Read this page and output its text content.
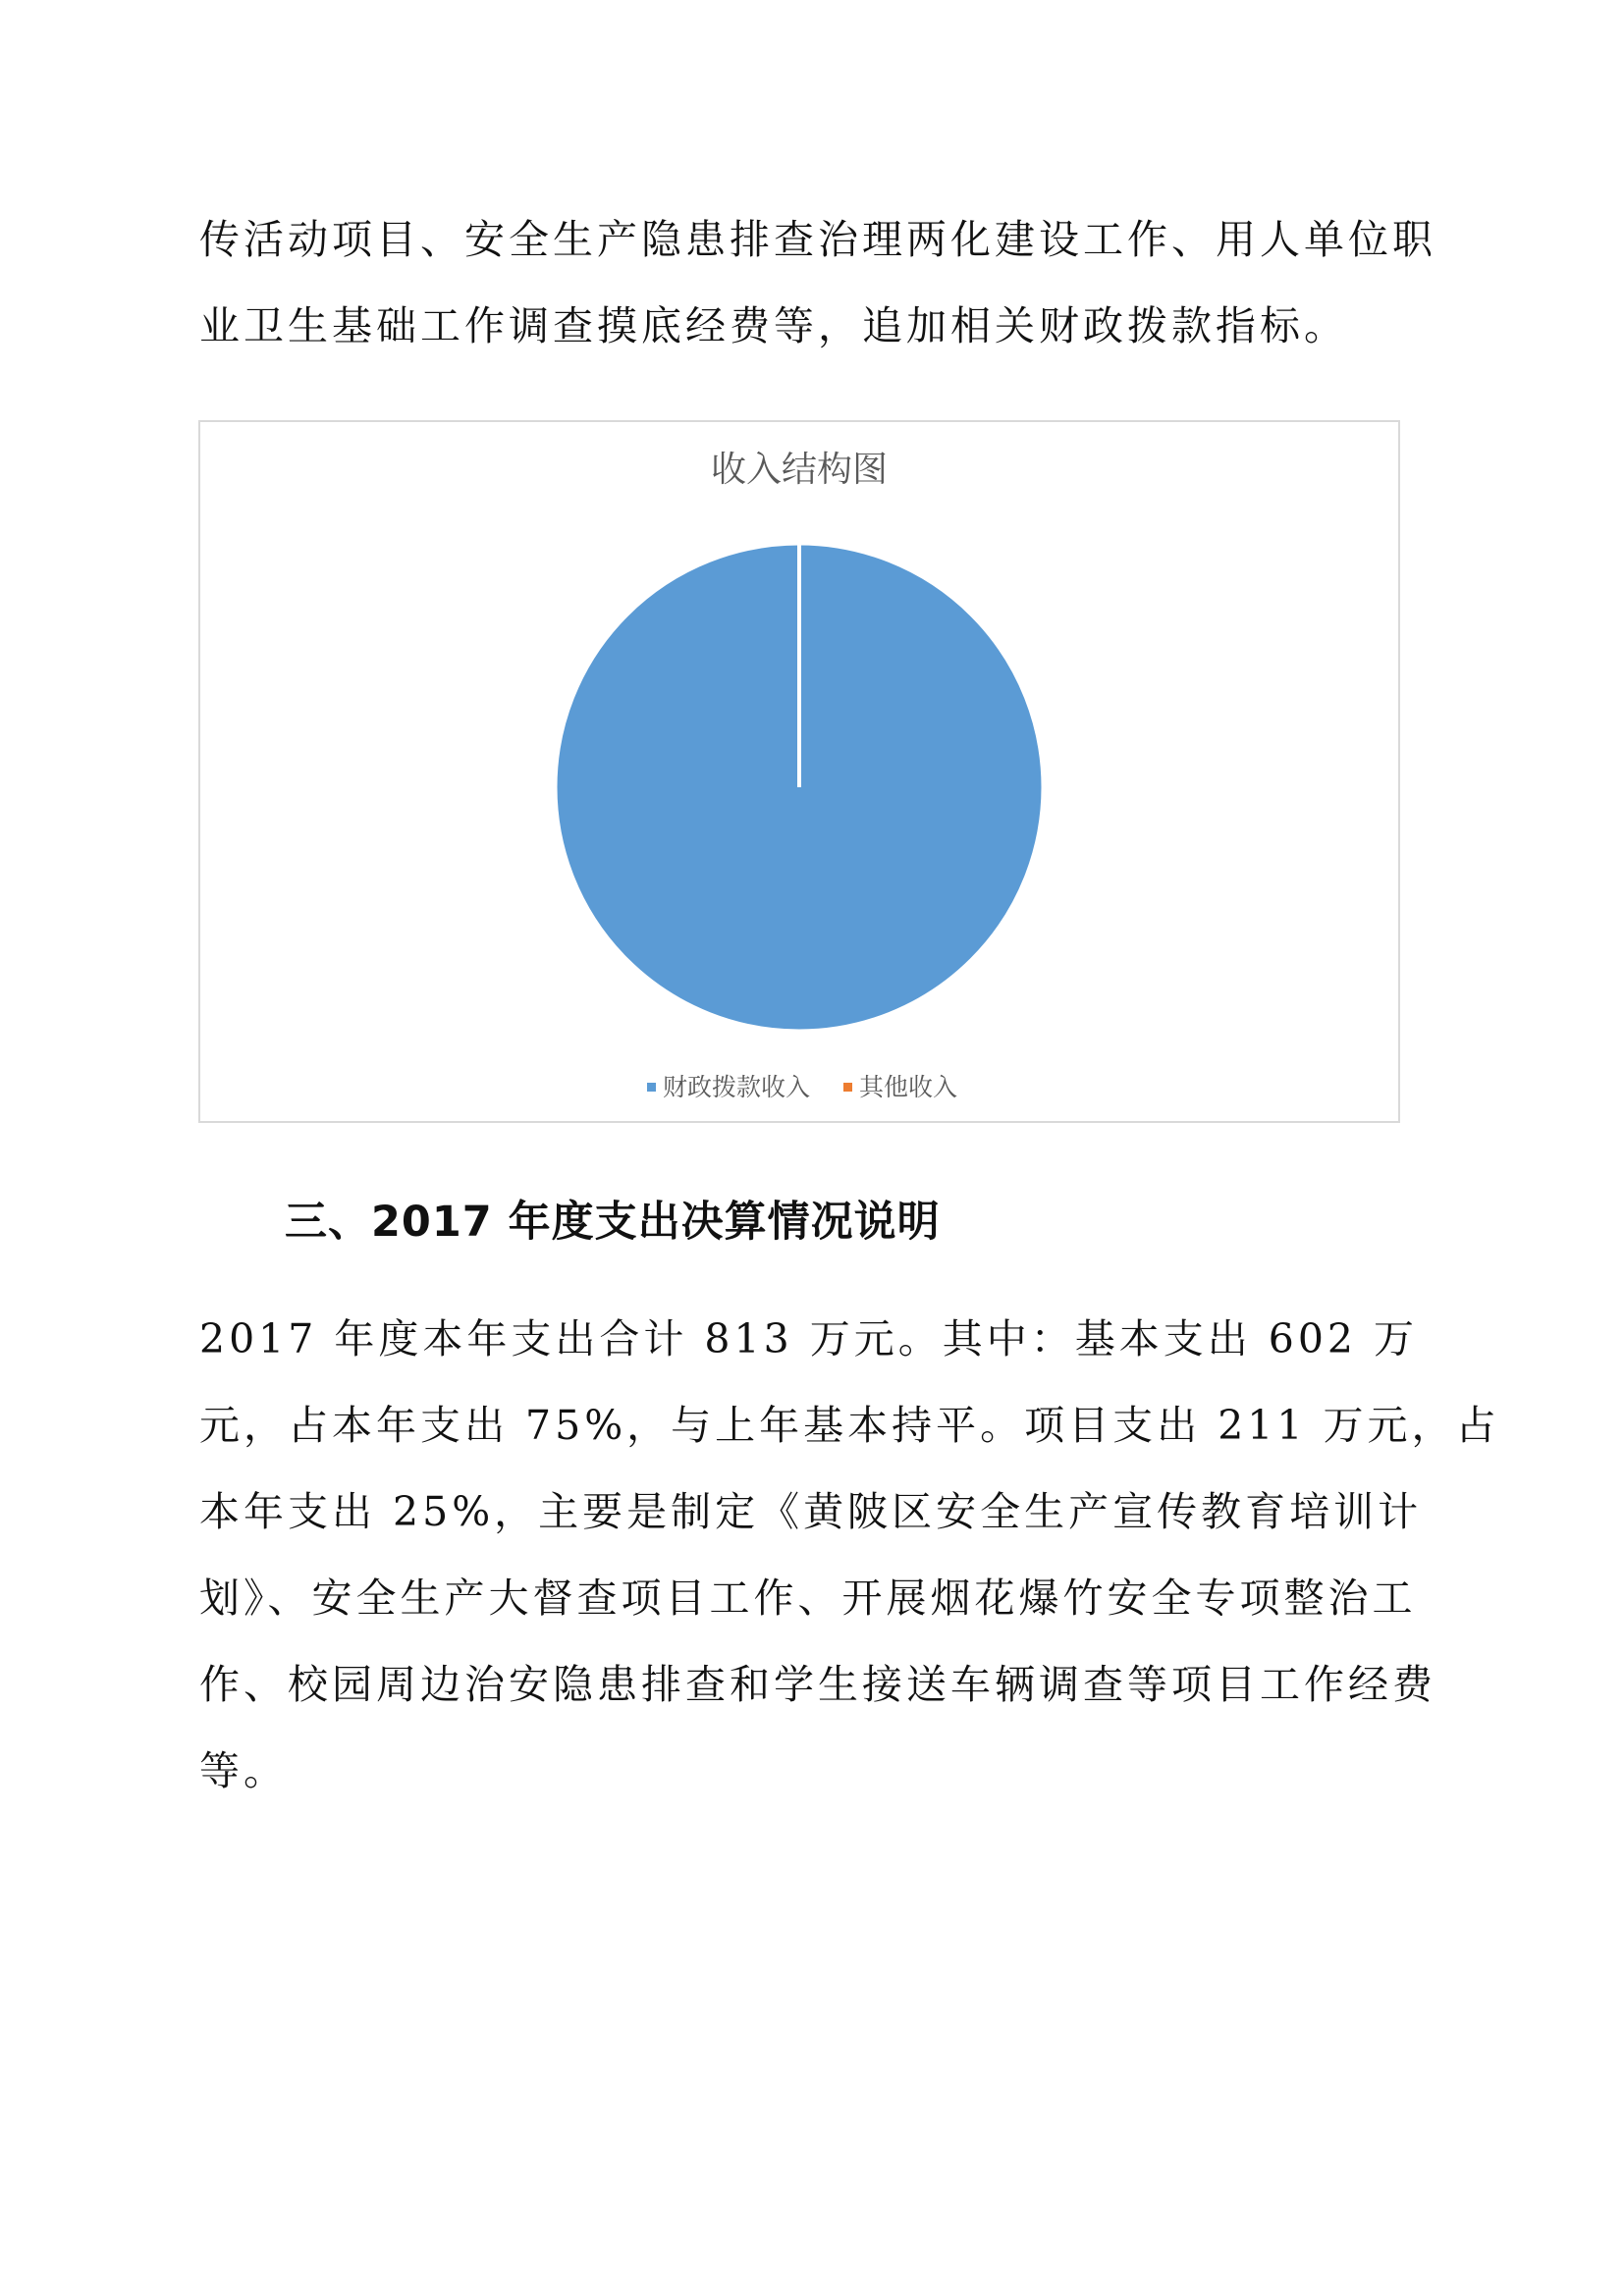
传活动项目、安全生产隐患排查治理两化建设工作、用人单位职
业卫生基础工作调查摸底经费等，追加相关财政拨款指标。
收入结构图
财政拨款收入 其他收入
三、2017 年度支出决算情况说明
2017 年度本年支出合计 813 万元。其中：基本支出 602 万
元，占本年支出 75%，与上年基本持平。项目支出 211 万元，占
本年支出 25%，主要是制定《黄陂区安全生产宣传教育培训计
划》、安全生产大督查项目工作、开展烟花爆竹安全专项整治工
作、校园周边治安隐患排查和学生接送车辆调查等项目工作经费
等。
